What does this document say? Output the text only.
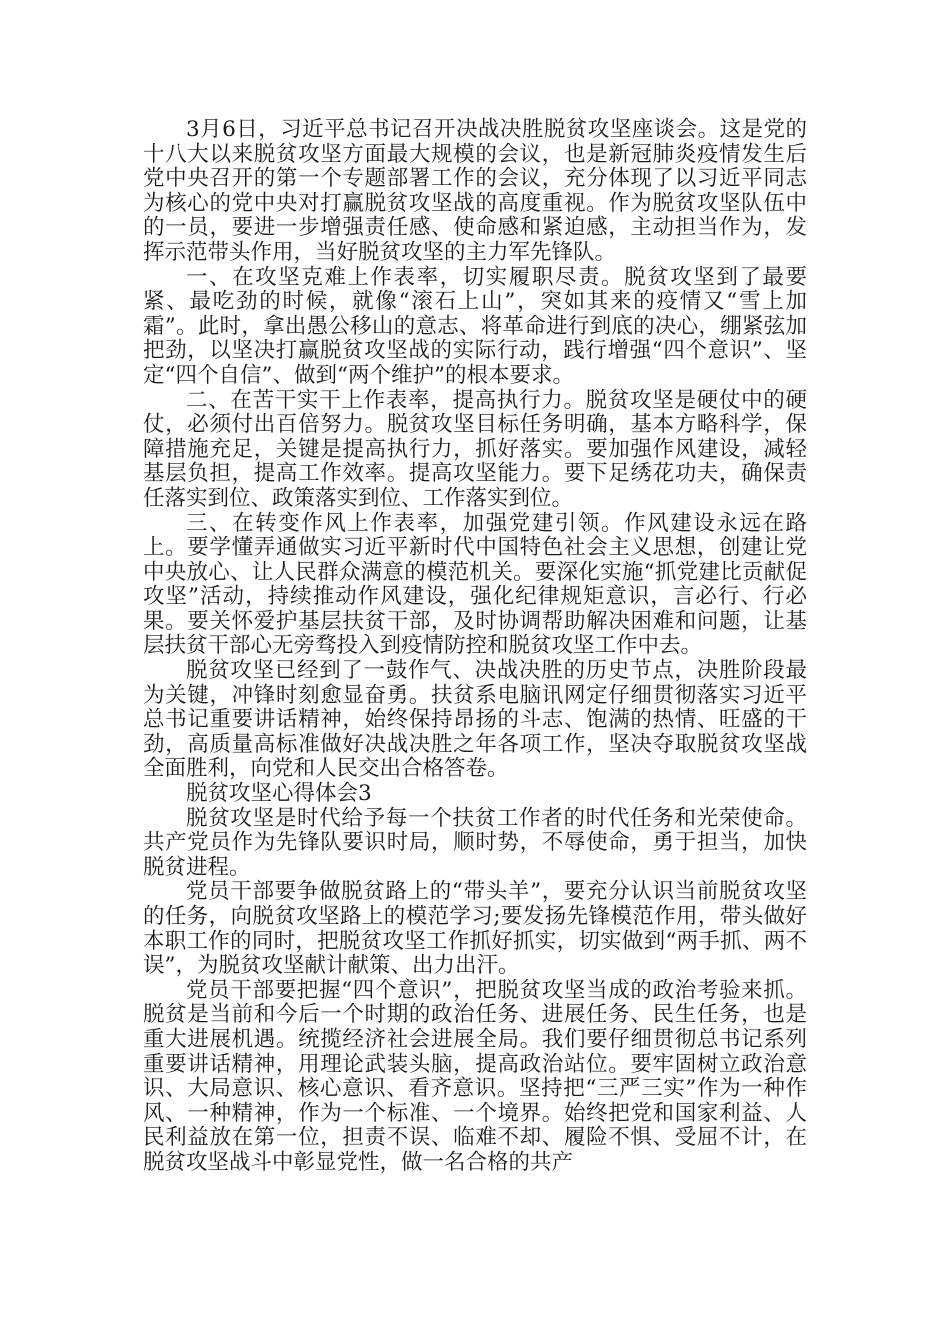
3月6日，习近平总书记召开决战决胜脱贫攻坚座谈会。这是党的十八大以来脱贫攻坚方面最大规模的会议，也是新冠肺炎疫情发生后党中央召开的第一个专题部署工作的会议，充分体现了以习近平同志为核心的党中央对打赢脱贫攻坚战的高度重视。作为脱贫攻坚队伍中的一员，要进一步增强责任感、使命感和紧迫感，主动担当作为，发挥示范带头作用，当好脱贫攻坚的主力军先锋队。

一、在攻坚克难上作表率，切实履职尽责。脱贫攻坚到了最要紧、最吃劲的时候，就像“滚石上山”，突如其来的疫情又“雪上加霜”。此时，拿出愚公移山的意志、将革命进行到底的决心，绷紧弦加把劲，以坚决打赢脱贫攻坚战的实际行动，践行增强“四个意识”、坚定“四个自信”、做到“两个维护”的根本要求。

二、在苦干实干上作表率，提高执行力。脱贫攻坚是硬仗中的硬仗，必须付出百倍努力。脱贫攻坚目标任务明确，基本方略科学，保障措施充足，关键是提高执行力，抓好落实。要加强作风建设，减轻基层负担，提高工作效率。提高攻坚能力。要下足绣花功夫，确保责任落实到位、政策落实到位、工作落实到位。

三、在转变作风上作表率，加强党建引领。作风建设永远在路上。要学懂弄通做实习近平新时代中国特色社会主义思想，创建让党中央放心、让人民群众满意的模范机关。要深化实施“抓党建比贡献促攻坚”活动，持续推动作风建设，强化纪律规矩意识，言必行、行必果。要关怀爱护基层扶贫干部，及时协调帮助解决困难和问题，让基层扶贫干部心无旁骛投入到疫情防控和脱贫攻坚工作中去。

脱贫攻坚已经到了一鼓作气、决战决胜的历史节点，决胜阶段最为关键，冲锋时刻愈显奋勇。扶贫系电脑讯网定仔细贯彻落实习近平总书记重要讲话精神，始终保持昂扬的斗志、饱满的热情、旺盛的干劲，高质量高标准做好决战决胜之年各项工作，坚决夺取脱贫攻坚战全面胜利，向党和人民交出合格答卷。

脱贫攻坚心得体会3

脱贫攻坚是时代给予每一个扶贫工作者的时代任务和光荣使命。共产党员作为先锋队要识时局，顺时势，不辱使命，勇于担当，加快脱贫进程。

党员干部要争做脱贫路上的“带头羊”，要充分认识当前脱贫攻坚的任务，向脱贫攻坚路上的模范学习;要发扬先锋模范作用，带头做好本职工作的同时，把脱贫攻坚工作抓好抓实，切实做到“两手抓、两不误”，为脱贫攻坚献计献策、出力出汗。

党员干部要把握“四个意识”，把脱贫攻坚当成的政治考验来抓。脱贫是当前和今后一个时期的政治任务、进展任务、民生任务，也是重大进展机遇。统揽经济社会进展全局。我们要仔细贯彻总书记系列重要讲话精神，用理论武装头脑，提高政治站位。要牢固树立政治意识、大局意识、核心意识、看齐意识。坚持把“三严三实”作为一种作风、一种精神，作为一个标准、一个境界。始终把党和国家利益、人民利益放在第一位，担责不误、临难不却、履险不惧、受屈不计，在脱贫攻坚战斗中彰显党性，做一名合格的共产
